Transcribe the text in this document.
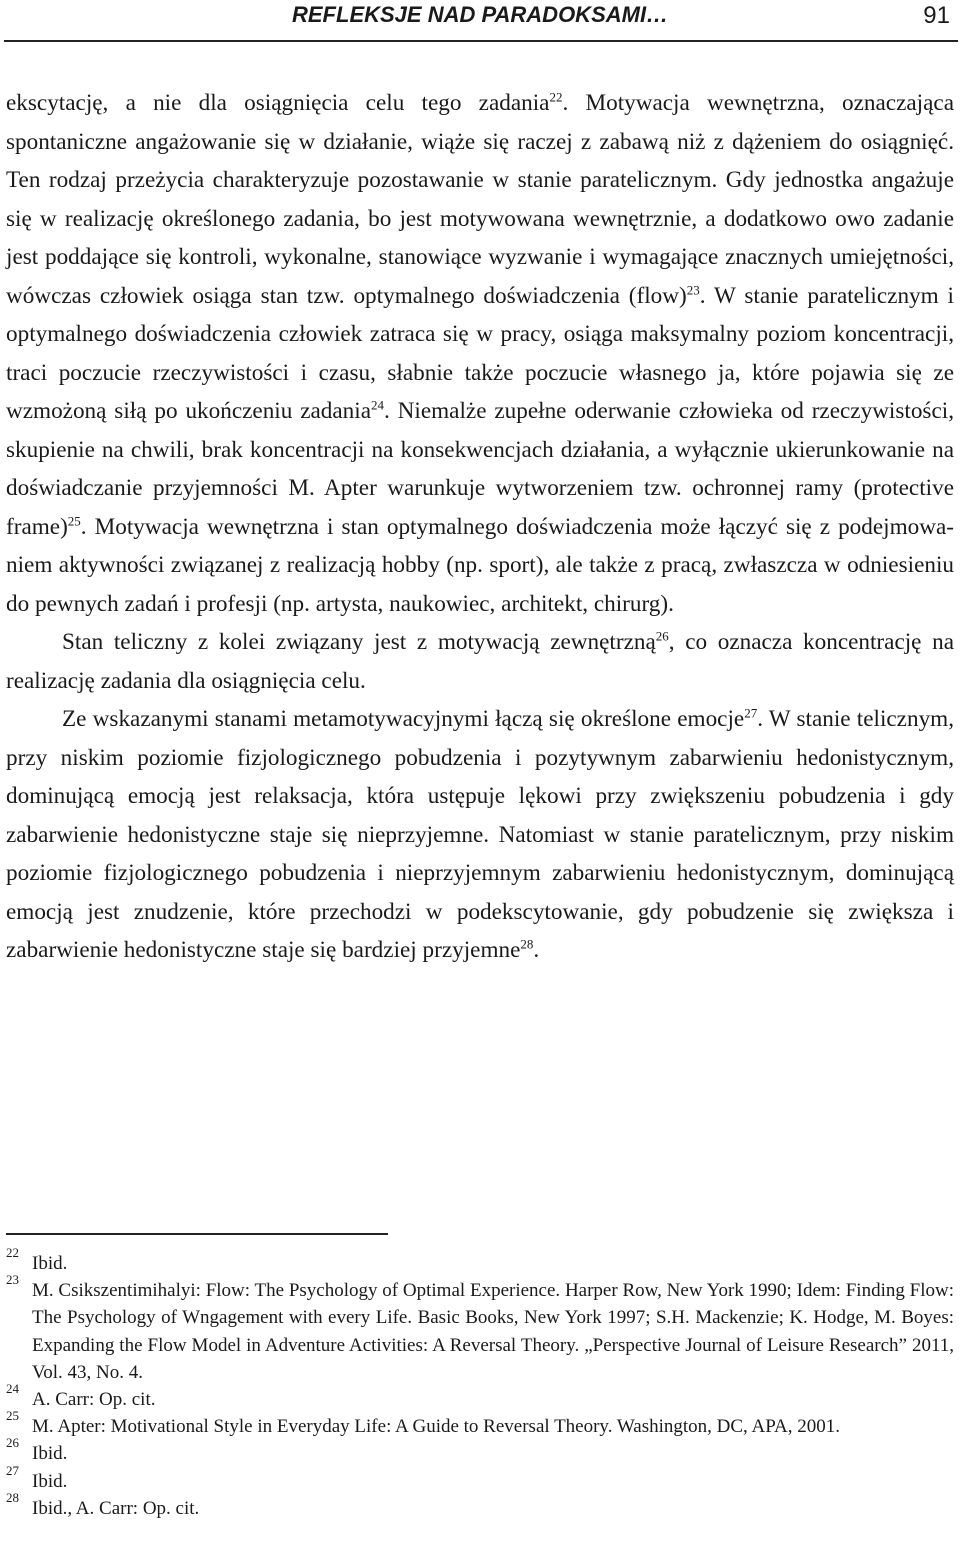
REFLEKSJE NAD PARADOKSAMI…	91

ekscytację, a nie dla osiągnięcia celu tego zadania$^{22}$. Motywacja wewnętrzna, oznaczająca spontaniczne angażowanie się w działanie, wiąże się raczej z zabawą niż z dążeniem do osiągnięć. Ten rodzaj przeżycia charakteryzuje pozostawanie w stanie paratelicznym. Gdy jednostka angażuje się w realizację określonego zadania, bo jest motywowana wewnętrznie, a dodatkowo owo zadanie jest poddające się kontroli, wykonalne, stanowiące wyzwanie i wymagające znacznych umiejętności, wówczas człowiek osiąga stan tzw. optymalnego doświadczenia (flow)$^{23}$. W stanie paratelicznym i optymalnego doświadczenia człowiek zatraca się w pracy, osiąga maksymalny poziom koncentracji, traci poczucie rzeczywistości i czasu, słabnie także poczucie własnego ja, które pojawia się ze wzmożoną siłą po ukończeniu zadania$^{24}$. Niemalże zupełne oderwanie człowieka od rzeczywistości, skupienie na chwili, brak koncentracji na konsekwencjach działania, a wyłącznie ukierunkowanie na doświadczanie przyjemności M. Apter warunkuje wytworzeniem tzw. ochronnej ramy (protective frame)$^{25}$. Motywacja wewnętrzna i stan optymalnego doświadczenia może łączyć się z podejmowaniem aktywności związanej z realizacją hobby (np. sport), ale także z pracą, zwłaszcza w odniesieniu do pewnych zadań i profesji (np. artysta, naukowiec, architekt, chirurg).

Stan teliczny z kolei związany jest z motywacją zewnętrzną$^{26}$, co oznacza koncentrację na realizację zadania dla osiągnięcia celu.

Ze wskazanymi stanami metamotywacyjnymi łączą się określone emocje$^{27}$. W stanie telicznym, przy niskim poziomie fizjologicznego pobudzenia i pozytywnym zabarwieniu hedonistycznym, dominującą emocją jest relaksacja, która ustępuje lękowi przy zwiększeniu pobudzenia i gdy zabarwienie hedonistyczne staje się nieprzyjemne. Natomiast w stanie paratelicznym, przy niskim poziomie fizjologicznego pobudzenia i nieprzyjemnym zabarwieniu hedonistycznym, dominującą emocją jest znudzenie, które przechodzi w podekscytowanie, gdy pobudzenie się zwiększa i zabarwienie hedonistyczne staje się bardziej przyjemne$^{28}$.

22
Ibid.
23
M. Csikszentimihalyi: Flow: The Psychology of Optimal Experience. Harper Row, New York 1990; Idem: Finding Flow: The Psychology of Wngagement with every Life. Basic Books, New York 1997; S.H. Mackenzie; K. Hodge, M. Boyes: Expanding the Flow Model in Adventure Activities: A Reversal Theory. „Perspective Journal of Leisure Research” 2011, Vol. 43, No. 4.
24
A. Carr: Op. cit.
25
M. Apter: Motivational Style in Everyday Life: A Guide to Reversal Theory. Washington, DC, APA, 2001.
26
Ibid.
27
Ibid.
28
Ibid., A. Carr: Op. cit.
